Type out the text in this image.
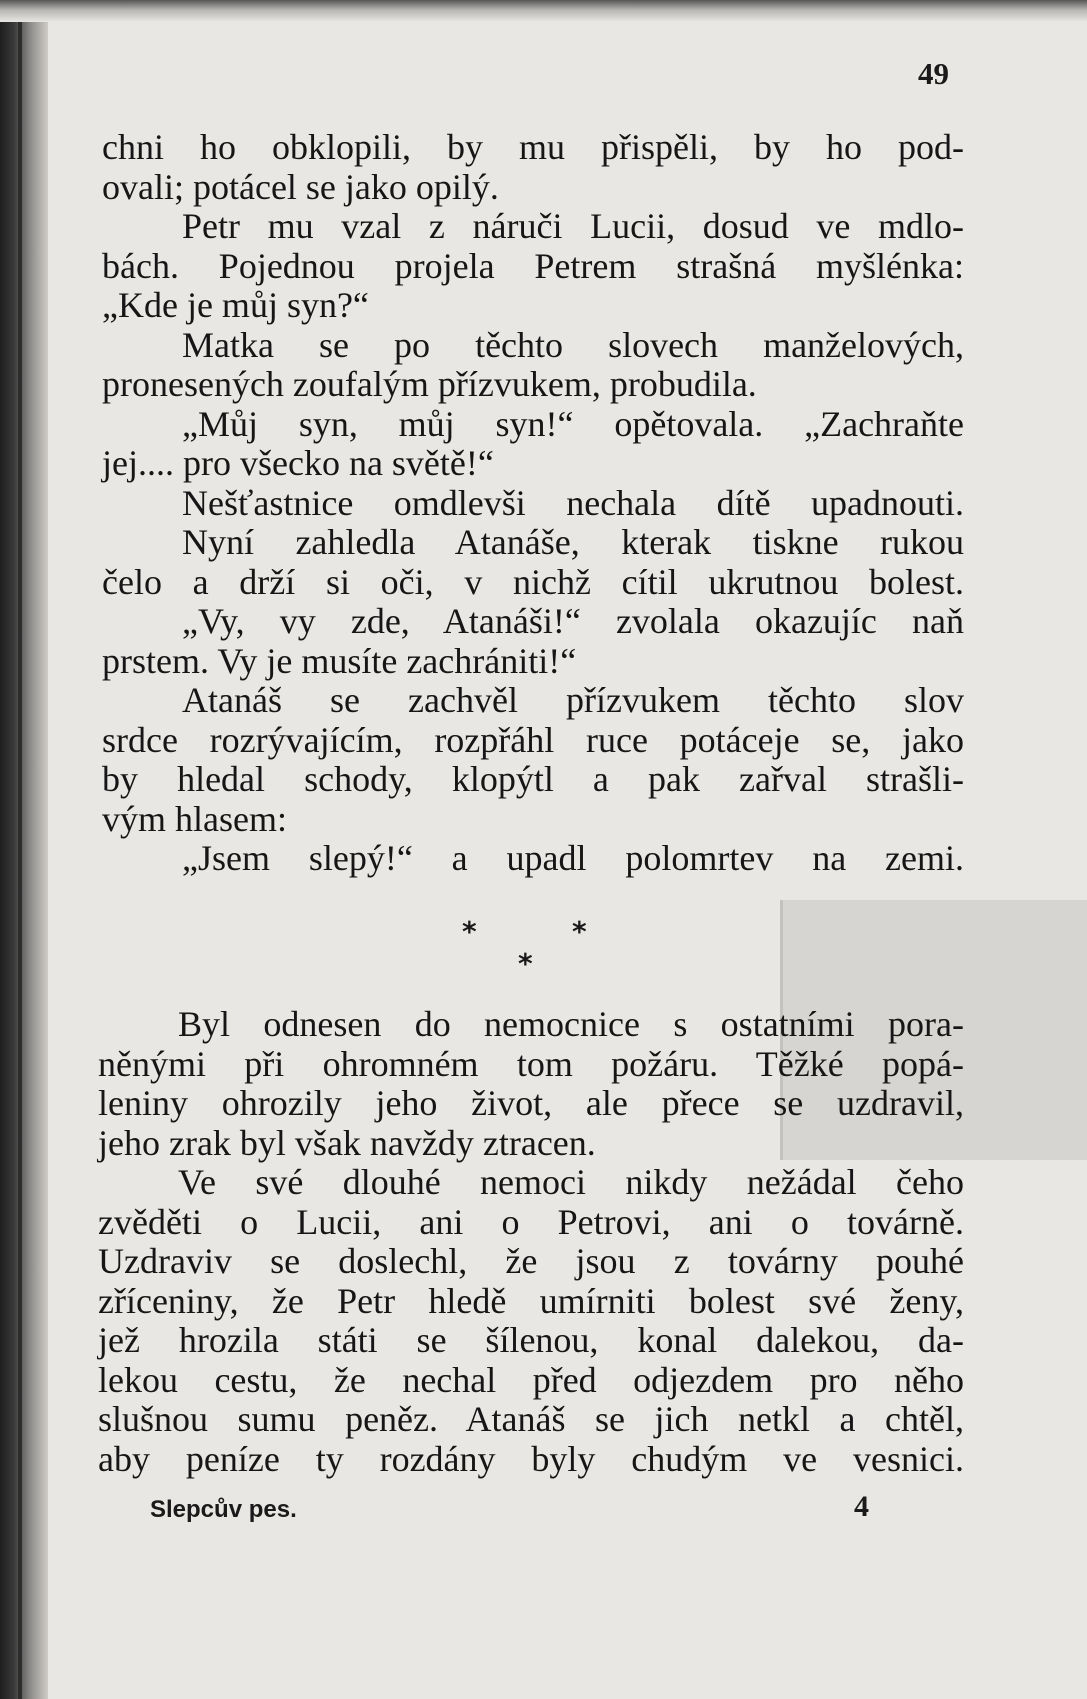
49
chni ho obklopili, by mu přispěli, by ho pod-
ovali; potácel se jako opilý.
Petr mu vzal z náruči Lucii, dosud ve mdlo-
bách. Pojednou projela Petrem strašná myšlénka:
„Kde je můj syn?“
Matka se po těchto slovech manželových,
pronesených zoufalým přízvukem, probudila.
„Můj syn, můj syn!“ opětovala. „Zachraňte
jej.... pro všecko na světě!“
Nešťastnice omdlevši nechala dítě upadnouti.
Nyní zahledla Atanáše, kterak tiskne rukou
čelo a drží si oči, v nichž cítil ukrutnou bolest.
„Vy, vy zde, Atanáši!“ zvolala okazujíc naň
prstem. Vy je musíte zachrániti!“
Atanáš se zachvěl přízvukem těchto slov
srdce rozrývajícím, rozpřáhl ruce potáceje se, jako
by hledal schody, klopýtl a pak zařval strašli-
vým hlasem:
„Jsem slepý!“ a upadl polomrtev na zemi.
*	*
*
Byl odnesen do nemocnice s ostatními pora-
něnými při ohromném tom požáru. Těžké popá-
leniny ohrozily jeho život, ale přece se uzdravil,
jeho zrak byl však navždy ztracen.
Ve své dlouhé nemoci nikdy nežádal čeho
zvěděti o Lucii, ani o Petrovi, ani o továrně.
Uzdraviv se doslechl, že jsou z továrny pouhé
zříceniny, že Petr hledě umírniti bolest své ženy,
jež hrozila státi se šílenou, konal dalekou, da-
lekou cestu, že nechal před odjezdem pro něho
slušnou sumu peněz. Atanáš se jich netkl a chtěl,
aby peníze ty rozdány byly chudým ve vesnici.
Slepcův pes.	4
